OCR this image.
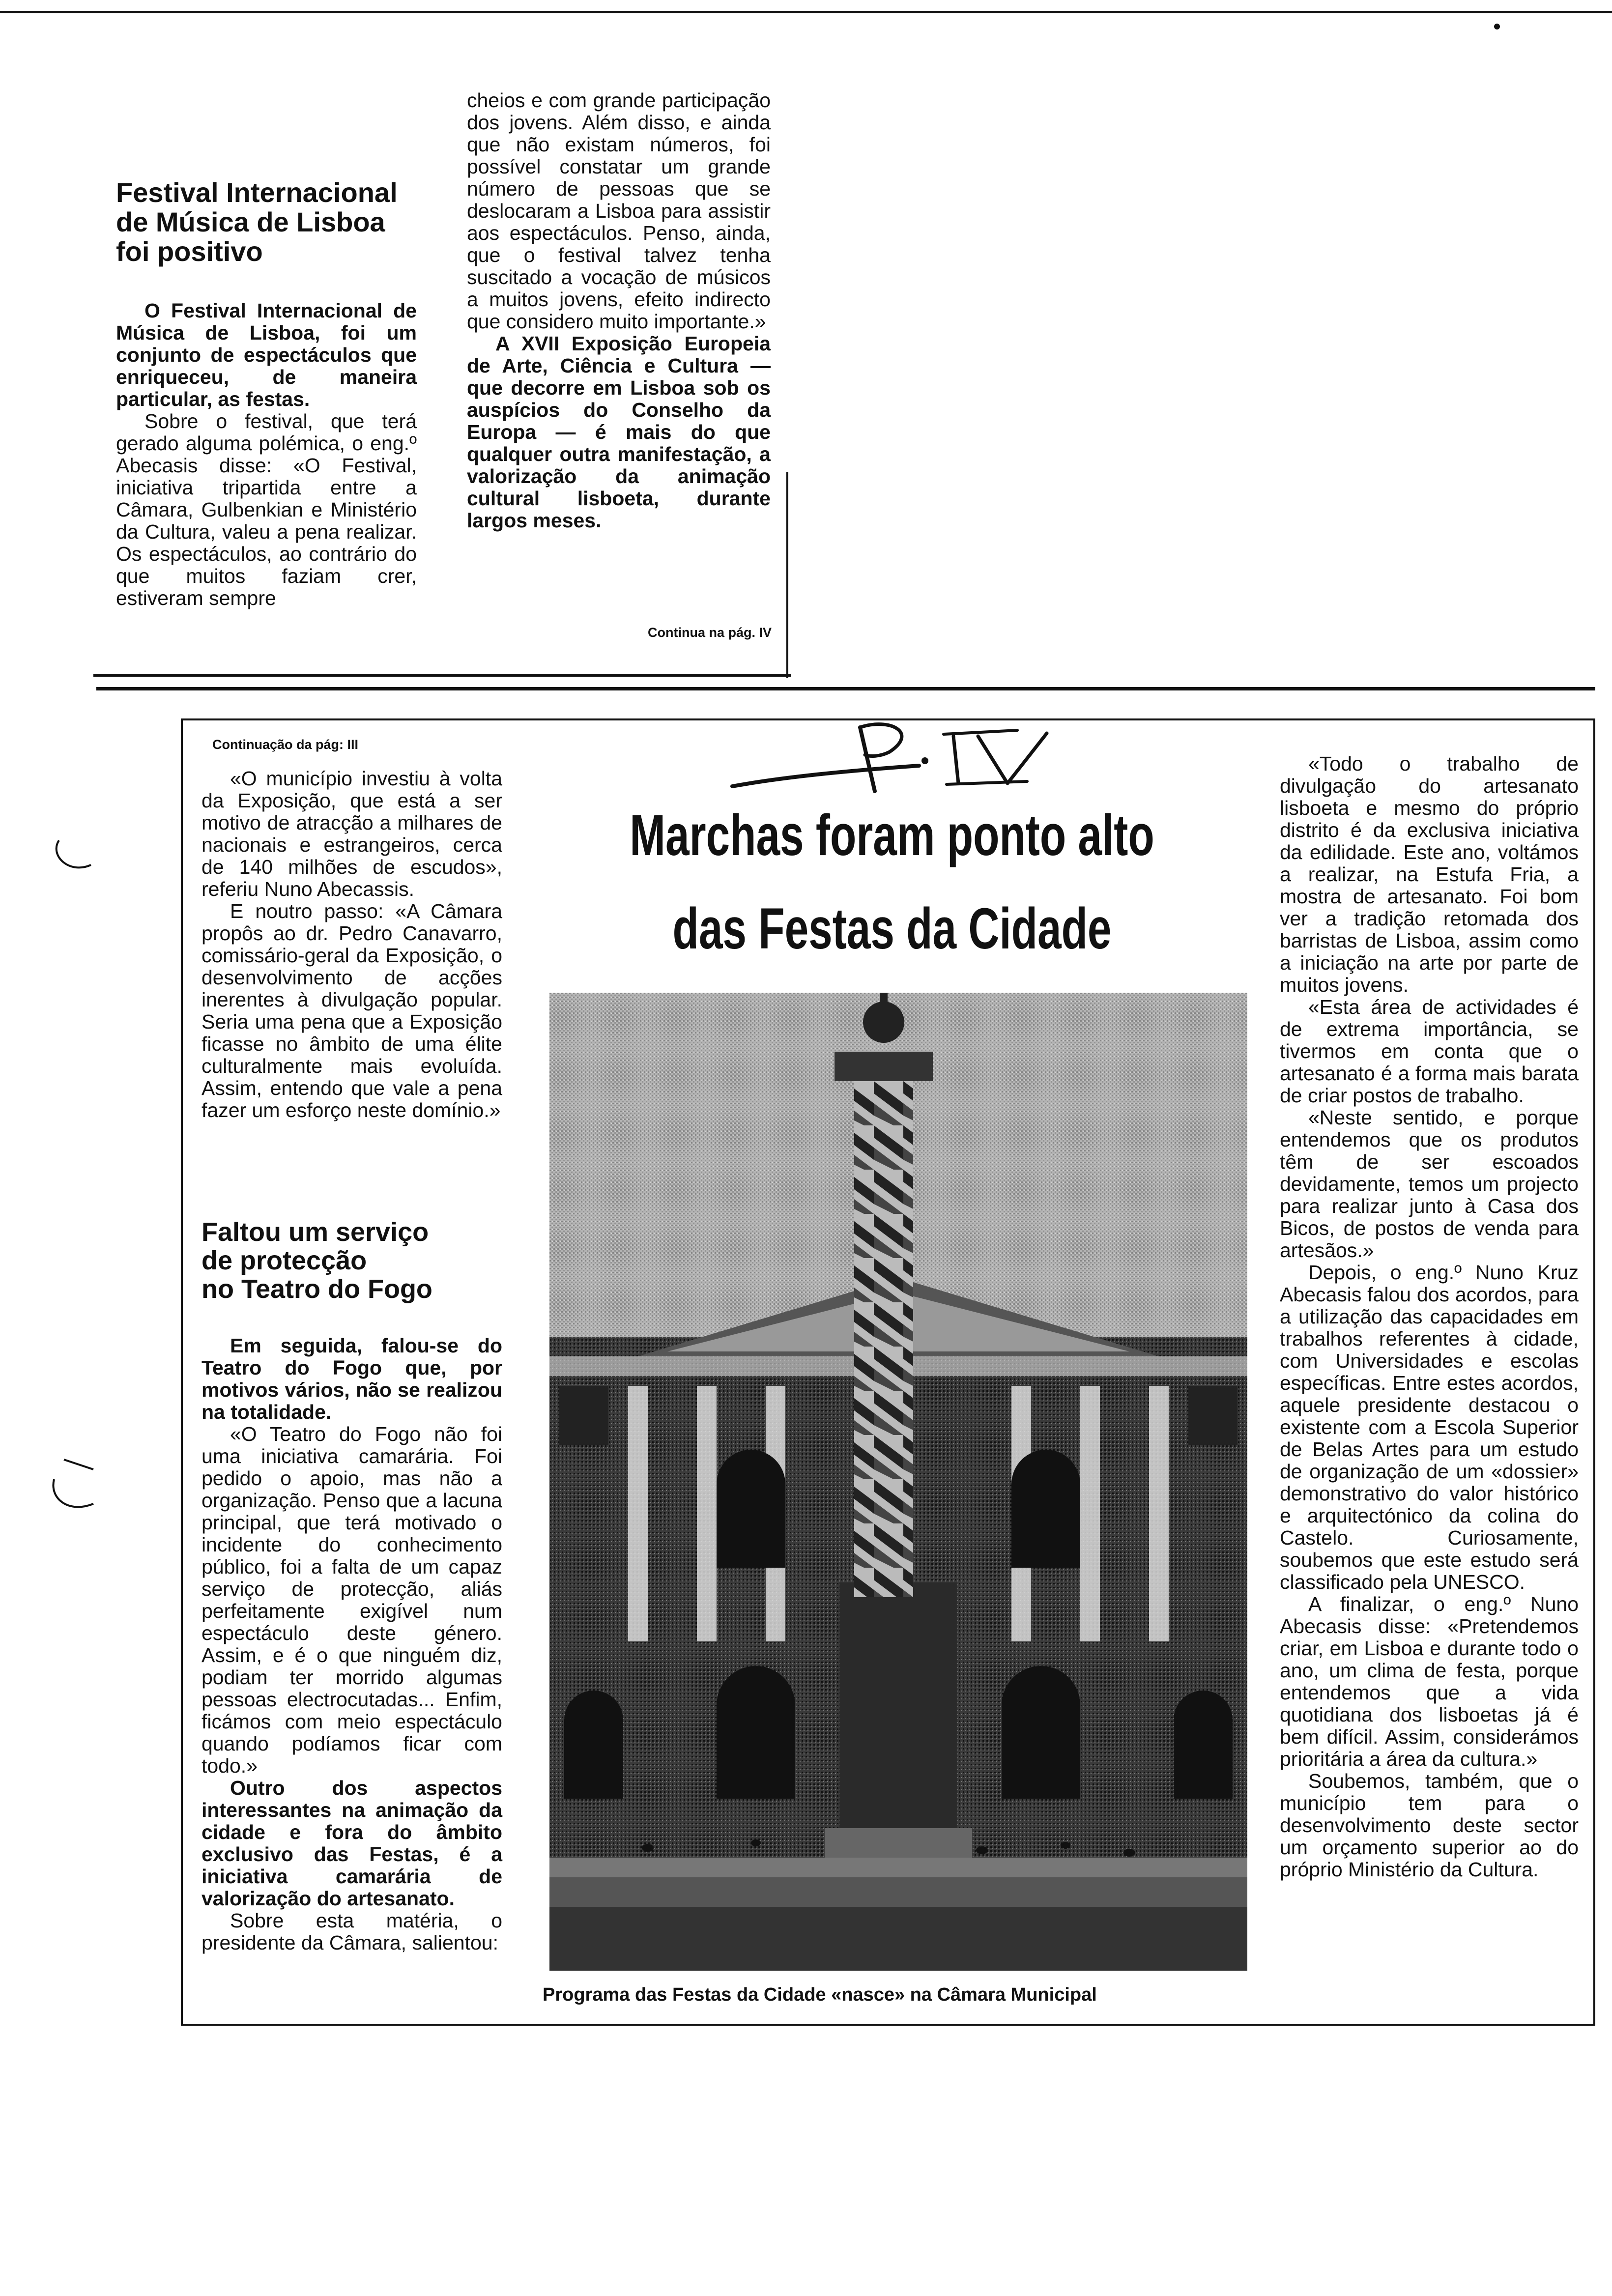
Festival Internacional
de Música de Lisboa
foi positivo

O Festival Internacional de Música de Lisboa, foi um conjunto de espectáculos que enriqueceu, de maneira particular, as festas.

Sobre o festival, que terá gerado alguma polémica, o eng.º Abecasis disse: «O Festival, iniciativa tripartida entre a Câmara, Gulbenkian e Ministério da Cultura, valeu a pena realizar. Os espectáculos, ao contrário do que muitos faziam crer, estiveram sempre

cheios e com grande participação dos jovens. Além disso, e ainda que não existam números, foi possível constatar um grande número de pessoas que se deslocaram a Lisboa para assistir aos espectáculos. Penso, ainda, que o festival talvez tenha suscitado a vocação de músicos a muitos jovens, efeito indirecto que considero muito importante.»

A XVII Exposição Europeia de Arte, Ciência e Cultura — que decorre em Lisboa sob os auspícios do Conselho da Europa — é mais do que qualquer outra manifestação, a valorização da animação cultural lisboeta, durante largos meses.

Continua na pág. IV
Continuação da pág: III

«O município investiu à volta da Exposição, que está a ser motivo de atracção a milhares de nacionais e estrangeiros, cerca de 140 milhões de escudos», referiu Nuno Abecassis.

E noutro passo: «A Câmara propôs ao dr. Pedro Canavarro, comissário-geral da Exposição, o desenvolvimento de acções inerentes à divulgação popular. Seria uma pena que a Exposição ficasse no âmbito de uma élite culturalmente mais evoluída. Assim, entendo que vale a pena fazer um esforço neste domínio.»

Faltou um serviço
de protecção
no Teatro do Fogo

Em seguida, falou-se do Teatro do Fogo que, por motivos vários, não se realizou na totalidade.

«O Teatro do Fogo não foi uma iniciativa camarária. Foi pedido o apoio, mas não a organização. Penso que a lacuna principal, que terá motivado o incidente do conhecimento público, foi a falta de um capaz serviço de protecção, aliás perfeitamente exigível num espectáculo deste género. Assim, e é o que ninguém diz, podiam ter morrido algumas pessoas electrocutadas... Enfim, ficámos com meio espectáculo quando podíamos ficar com todo.»

Outro dos aspectos interessantes na animação da cidade e fora do âmbito exclusivo das Festas, é a iniciativa camarária de valorização do artesanato.

Sobre esta matéria, o presidente da Câmara, salientou:

Marchas foram ponto alto
das Festas da Cidade
Programa das Festas da Cidade «nasce» na Câmara Municipal

«Todo o trabalho de divulgação do artesanato lisboeta e mesmo do próprio distrito é da exclusiva iniciativa da edilidade. Este ano, voltámos a realizar, na Estufa Fria, a mostra de artesanato. Foi bom ver a tradição retomada dos barristas de Lisboa, assim como a iniciação na arte por parte de muitos jovens.

«Esta área de actividades é de extrema importância, se tivermos em conta que o artesanato é a forma mais barata de criar postos de trabalho.

«Neste sentido, e porque entendemos que os produtos têm de ser escoados devidamente, temos um projecto para realizar junto à Casa dos Bicos, de postos de venda para artesãos.»

Depois, o eng.º Nuno Kruz Abecasis falou dos acordos, para a utilização das capacidades em trabalhos referentes à cidade, com Universidades e escolas específicas. Entre estes acordos, aquele presidente destacou o existente com a Escola Superior de Belas Artes para um estudo de organização de um «dossier» demonstrativo do valor histórico e arquitectónico da colina do Castelo. Curiosamente, soubemos que este estudo será classificado pela UNESCO.

A finalizar, o eng.º Nuno Abecasis disse: «Pretendemos criar, em Lisboa e durante todo o ano, um clima de festa, porque entendemos que a vida quotidiana dos lisboetas já é bem difícil. Assim, considerámos prioritária a área da cultura.»

Soubemos, também, que o município tem para o desenvolvimento deste sector um orçamento superior ao do próprio Ministério da Cultura.
